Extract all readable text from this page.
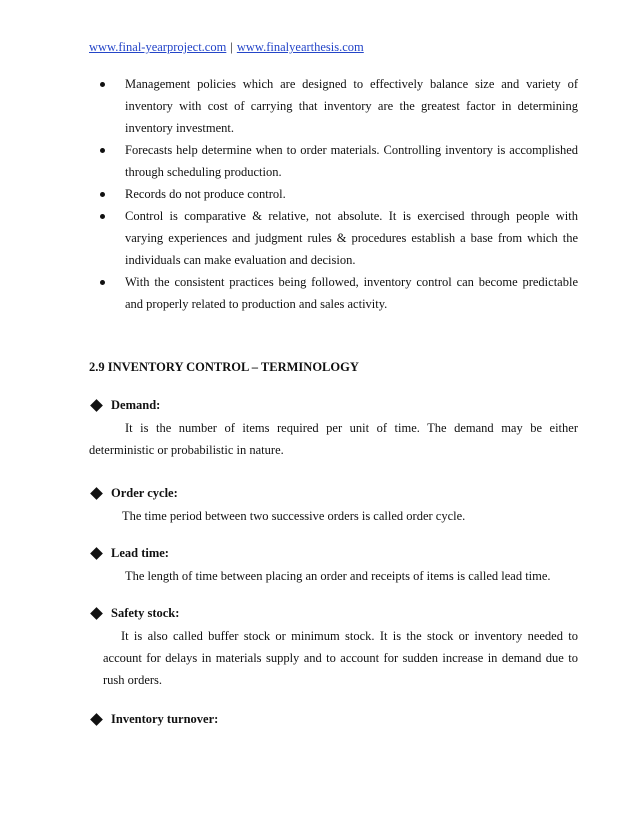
www.final-yearproject.com | www.finalyearthesis.com
Management policies which are designed to effectively balance size and variety of inventory with cost of carrying that inventory are the greatest factor in determining inventory investment.
Forecasts help determine when to order materials. Controlling inventory is accomplished through scheduling production.
Records do not produce control.
Control is comparative & relative, not absolute. It is exercised through people with varying experiences and judgment rules & procedures establish a base from which the individuals can make evaluation and decision.
With the consistent practices being followed, inventory control can become predictable and properly related to production and sales activity.
2.9 INVENTORY CONTROL – TERMINOLOGY
Demand:
It is the number of items required per unit of time. The demand may be either deterministic or probabilistic in nature.
Order cycle:
The time period between two successive orders is called order cycle.
Lead time:
The length of time between placing an order and receipts of items is called lead time.
Safety stock:
It is also called buffer stock or minimum stock. It is the stock or inventory needed to account for delays in materials supply and to account for sudden increase in demand due to rush orders.
Inventory turnover:
